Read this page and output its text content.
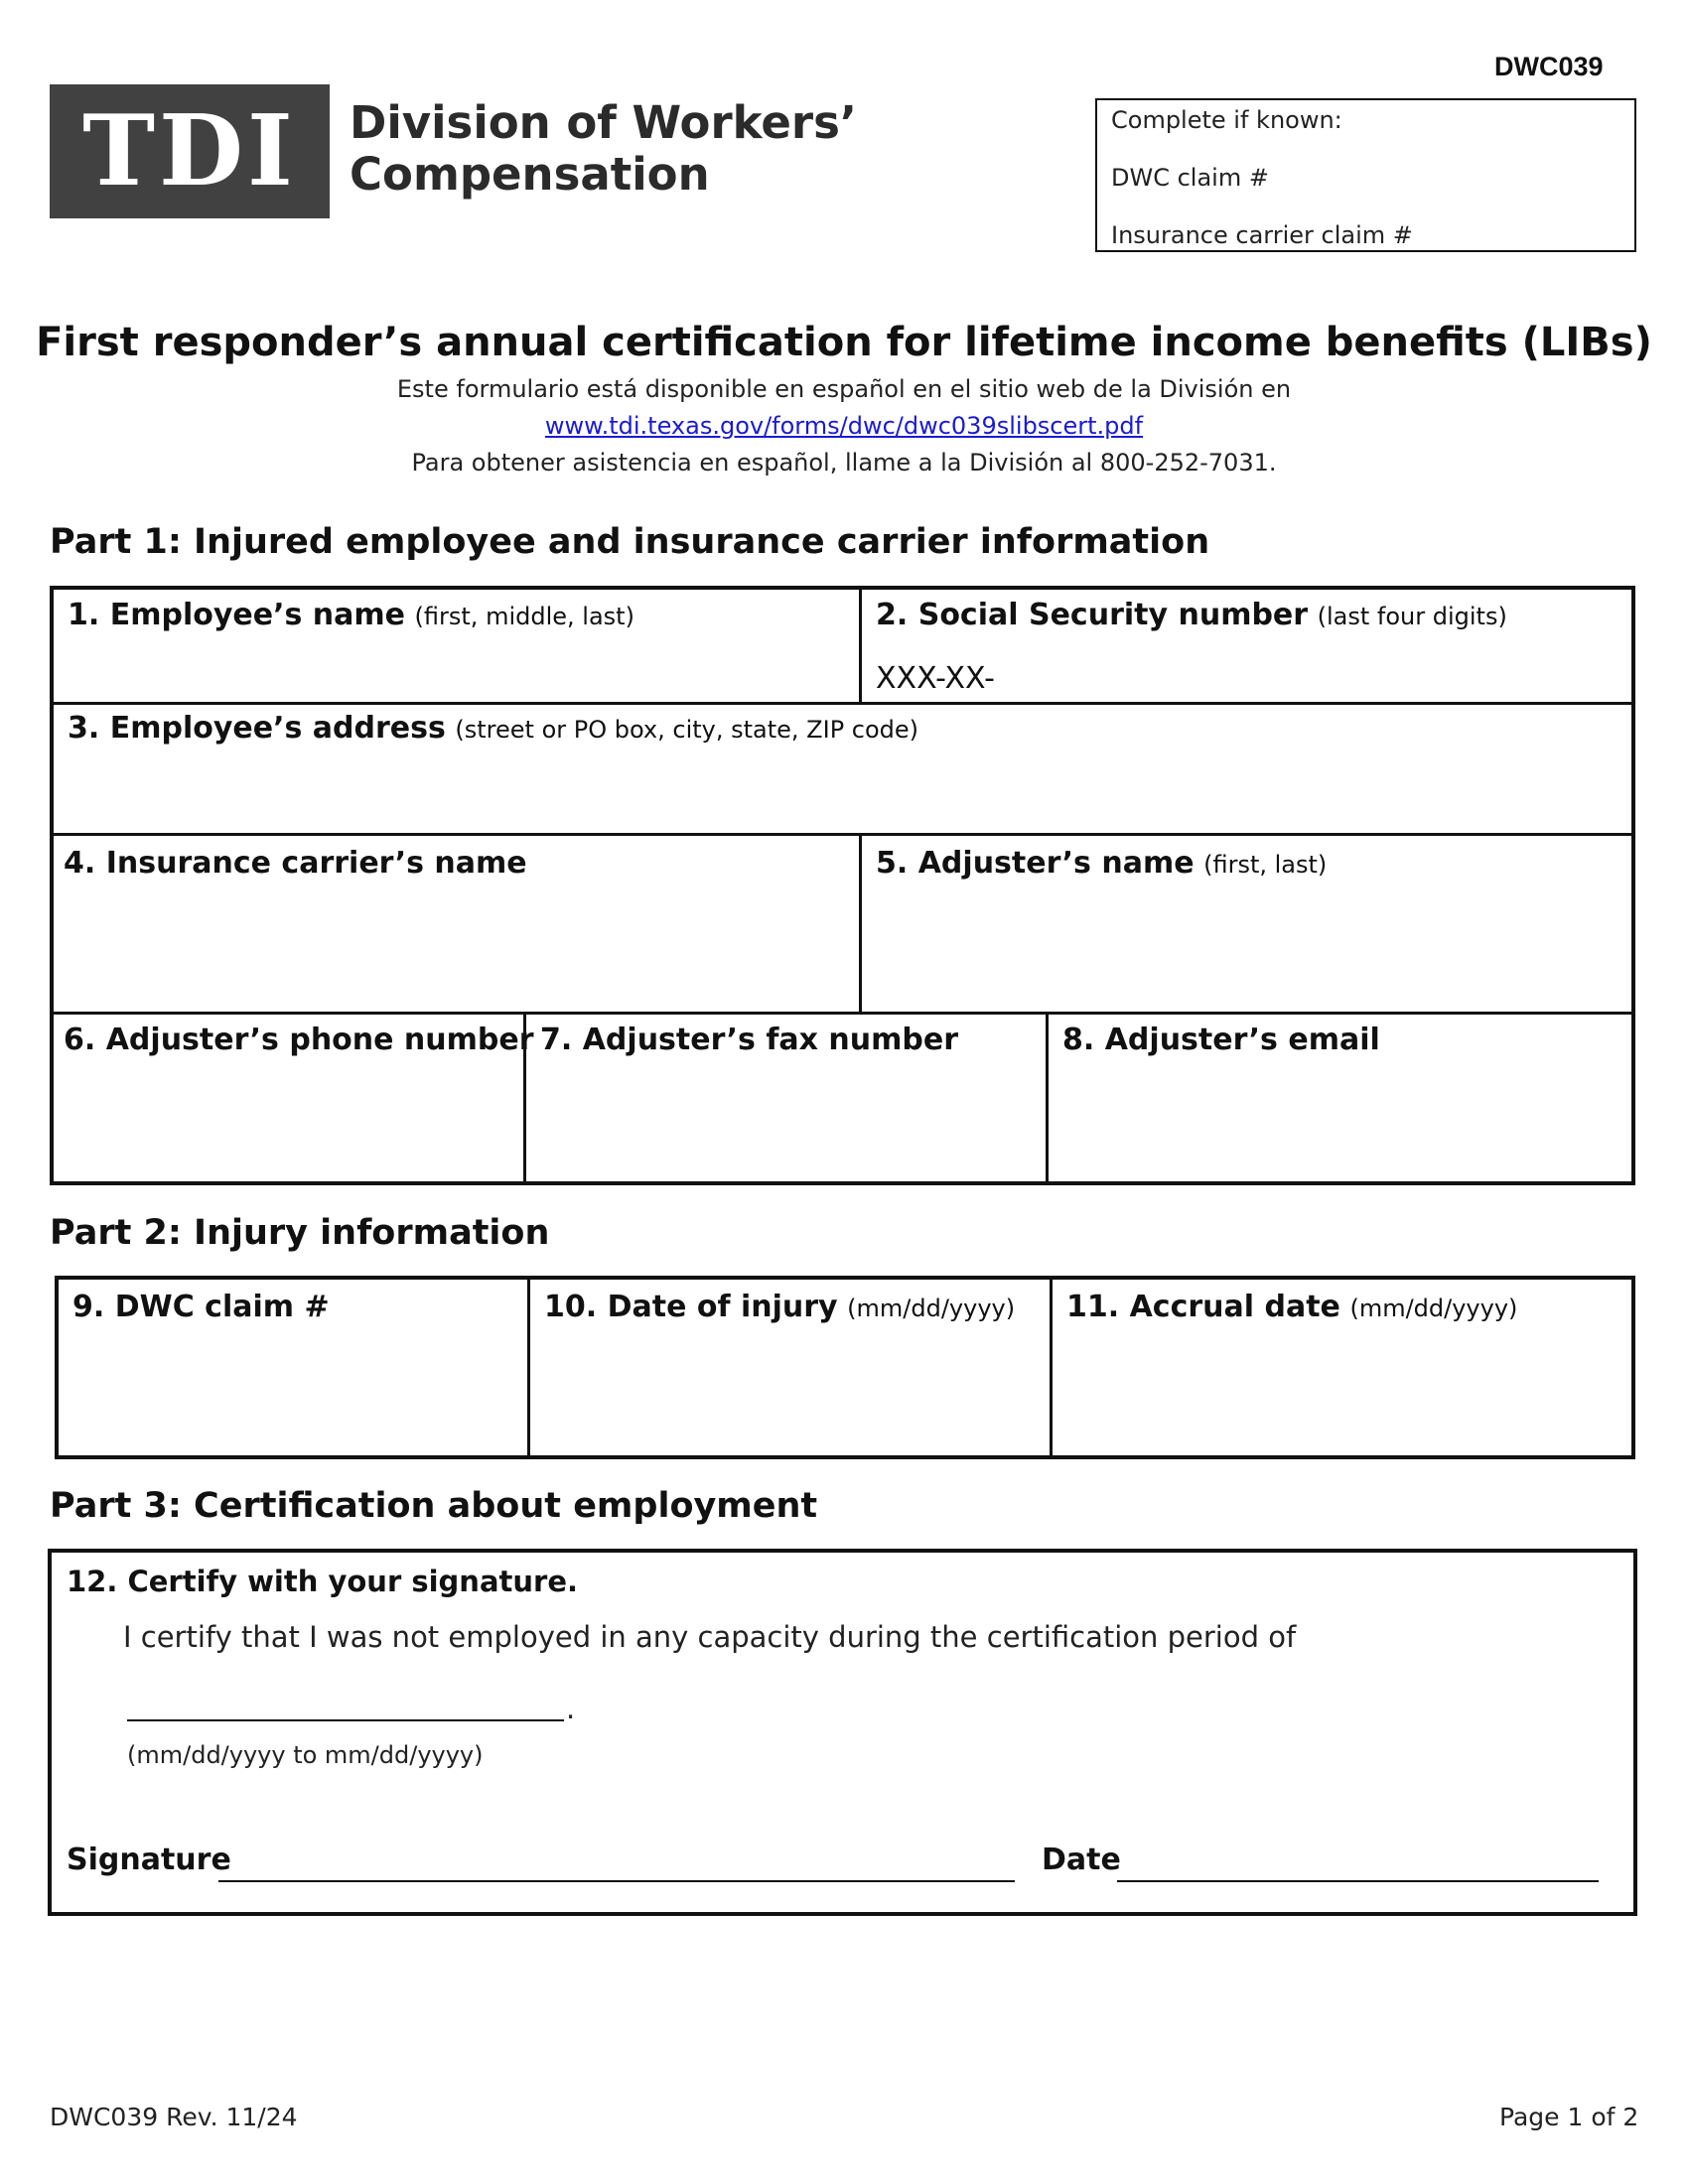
DWC039
TDI	Division of Workers’
Compensation
Complete if known:
DWC claim #
Insurance carrier claim #
First responder’s annual certification for lifetime income benefits (LIBs)
Este formulario está disponible en español en el sitio web de la División en
www.tdi.texas.gov/forms/dwc/dwc039slibscert.pdf
Para obtener asistencia en español, llame a la División al 800-252-7031.
Part 1: Injured employee and insurance carrier information
1. Employee’s name (first, middle, last)	2. Social Security number (last four digits)
XXX-XX-
3. Employee’s address (street or PO box, city, state, ZIP code)
4. Insurance carrier’s name	5. Adjuster’s name (first, last)
6. Adjuster’s phone number 7. Adjuster’s fax number	8. Adjuster’s email
Part 2: Injury information
9. DWC claim #	10. Date of injury (mm/dd/yyyy) 11. Accrual date (mm/dd/yyyy)
Part 3: Certification about employment
12. Certify with your signature.
I certify that I was not employed in any capacity during the certification period of
.
(mm/dd/yyyy to mm/dd/yyyy)
Signature	Date
DWC039 Rev. 11/24	Page 1 of 2
